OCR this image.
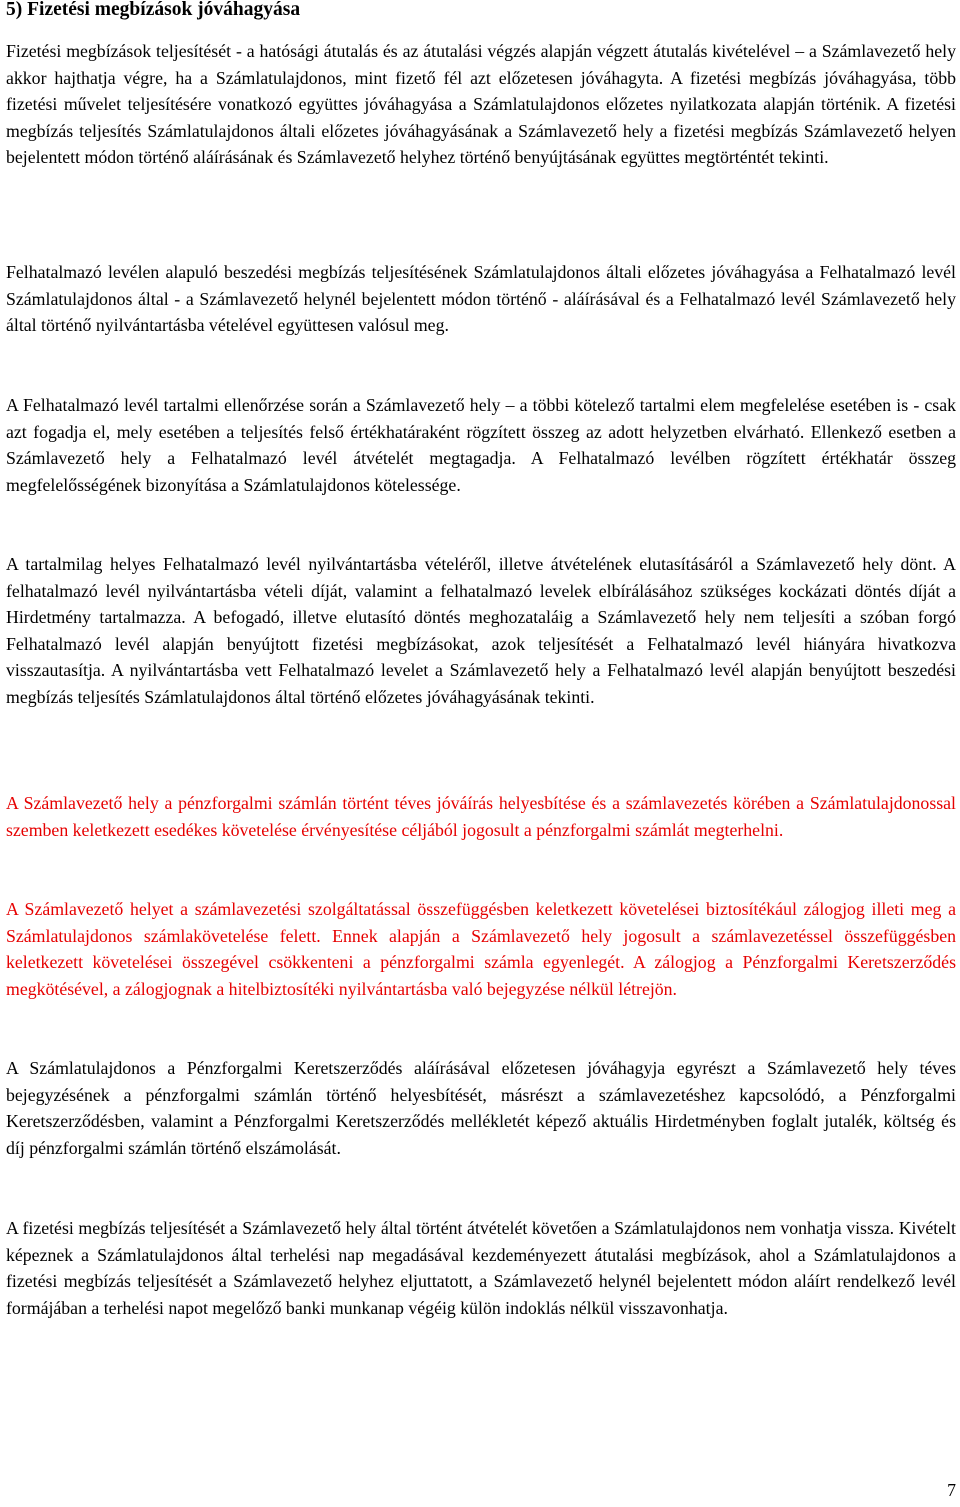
5) Fizetési megbízások jóváhagyása

Fizetési megbízások teljesítését - a hatósági átutalás és az átutalási végzés alapján végzett átutalás kivételével – a Számlavezető hely akkor hajthatja végre, ha a Számlatulajdonos, mint fizető fél azt előzetesen jóváhagyta. A fizetési megbízás jóváhagyása, több fizetési művelet teljesítésére vonatkozó együttes jóváhagyása a Számlatulajdonos előzetes nyilatkozata alapján történik. A fizetési megbízás teljesítés Számlatulajdonos általi előzetes jóváhagyásának a Számlavezető hely a fizetési megbízás Számlavezető helyen bejelentett módon történő aláírásának és Számlavezető helyhez történő benyújtásának együttes megtörténtét tekinti.

Felhatalmazó levélen alapuló beszedési megbízás teljesítésének Számlatulajdonos általi előzetes jóváhagyása a Felhatalmazó levél Számlatulajdonos által - a Számlavezető helynél bejelentett módon történő - aláírásával és a Felhatalmazó levél Számlavezető hely által történő nyilvántartásba vételével együttesen valósul meg.

A Felhatalmazó levél tartalmi ellenőrzése során a Számlavezető hely – a többi kötelező tartalmi elem megfelelése esetében is - csak azt fogadja el, mely esetében a teljesítés felső értékhatáraként rögzített összeg az adott helyzetben elvárható. Ellenkező esetben a Számlavezető hely a Felhatalmazó levél átvételét megtagadja. A Felhatalmazó levélben rögzített értékhatár összeg megfelelősségének bizonyítása a Számlatulajdonos kötelessége.

A tartalmilag helyes Felhatalmazó levél nyilvántartásba vételéről, illetve átvételének elutasításáról a Számlavezető hely dönt. A felhatalmazó levél nyilvántartásba vételi díját, valamint a felhatalmazó levelek elbírálásához szükséges kockázati döntés díját a Hirdetmény tartalmazza. A befogadó, illetve elutasító döntés meghozataláig a Számlavezető hely nem teljesíti a szóban forgó Felhatalmazó levél alapján benyújtott fizetési megbízásokat, azok teljesítését a Felhatalmazó levél hiányára hivatkozva visszautasítja. A nyilvántartásba vett Felhatalmazó levelet a Számlavezető hely a Felhatalmazó levél alapján benyújtott beszedési megbízás teljesítés Számlatulajdonos által történő előzetes jóváhagyásának tekinti.

A Számlavezető hely a pénzforgalmi számlán történt téves jóváírás helyesbítése és a számlavezetés körében a Számlatulajdonossal szemben keletkezett esedékes követelése érvényesítése céljából jogosult a pénzforgalmi számlát megterhelni.

A Számlavezető helyet a számlavezetési szolgáltatással összefüggésben keletkezett követelései biztosítékául zálogjog illeti meg a Számlatulajdonos számlakövetelése felett. Ennek alapján a Számlavezető hely jogosult a számlavezetéssel összefüggésben keletkezett követelései összegével csökkenteni a pénzforgalmi számla egyenlegét. A zálogjog a Pénzforgalmi Keretszerződés megkötésével, a zálogjognak a hitelbiztosítéki nyilvántartásba való bejegyzése nélkül létrejön.

A Számlatulajdonos a Pénzforgalmi Keretszerződés aláírásával előzetesen jóváhagyja egyrészt a Számlavezető hely téves bejegyzésének a pénzforgalmi számlán történő helyesbítését, másrészt a számlavezetéshez kapcsolódó, a Pénzforgalmi Keretszerződésben, valamint a Pénzforgalmi Keretszerződés mellékletét képező aktuális Hirdetményben foglalt jutalék, költség és díj pénzforgalmi számlán történő elszámolását.

A fizetési megbízás teljesítését a Számlavezető hely által történt átvételét követően a Számlatulajdonos nem vonhatja vissza. Kivételt képeznek a Számlatulajdonos által terhelési nap megadásával kezdeményezett átutalási megbízások, ahol a Számlatulajdonos a fizetési megbízás teljesítését a Számlavezető helyhez eljuttatott, a Számlavezető helynél bejelentett módon aláírt rendelkező levél formájában a terhelési napot megelőző banki munkanap végéig külön indoklás nélkül visszavonhatja.

7
